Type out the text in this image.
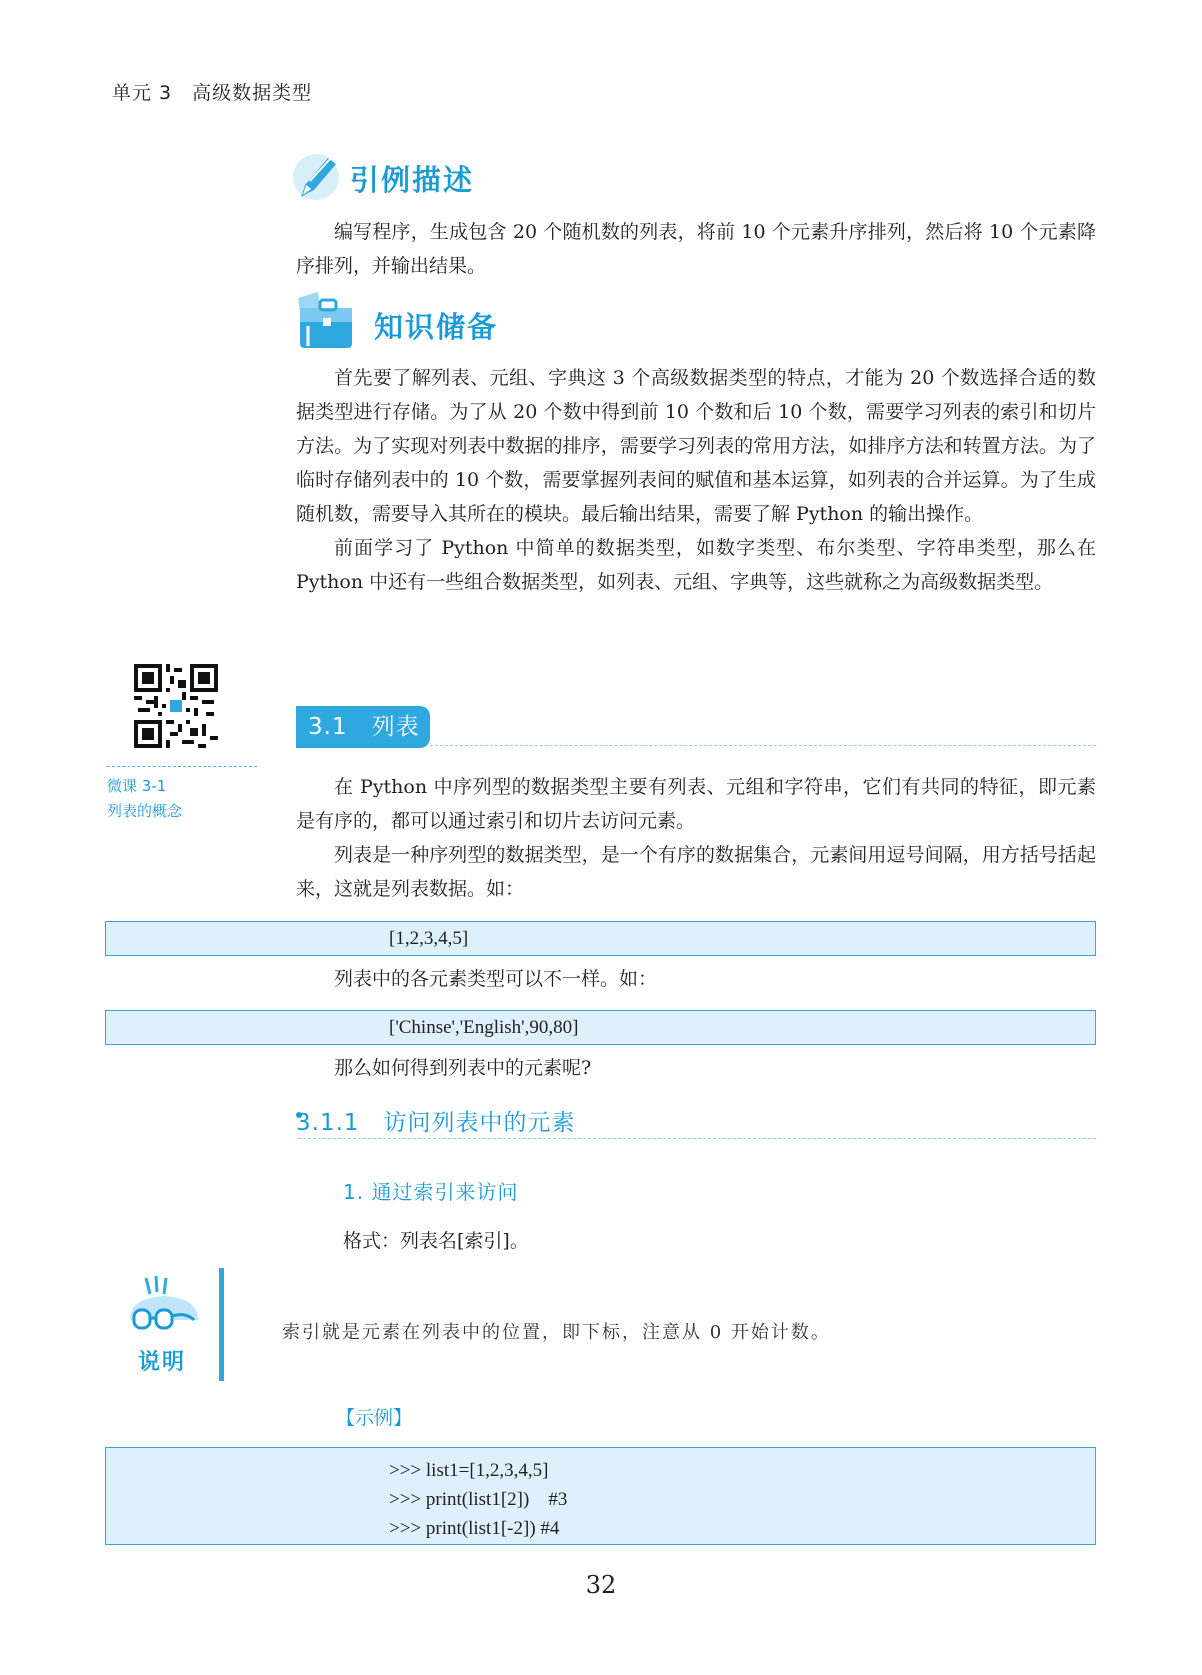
单元 3　高级数据类型
引例描述

编写程序，生成包含 20 个随机数的列表，将前 10 个元素升序排列，然后将 10 个元素降序排列，并输出结果。

知识储备

首先要了解列表、元组、字典这 3 个高级数据类型的特点，才能为 20 个数选择合适的数据类型进行存储。为了从 20 个数中得到前 10 个数和后 10 个数，需要学习列表的索引和切片方法。为了实现对列表中数据的排序，需要学习列表的常用方法，如排序方法和转置方法。为了临时存储列表中的 10 个数，需要掌握列表间的赋值和基本运算，如列表的合并运算。为了生成随机数，需要导入其所在的模块。最后输出结果，需要了解 Python 的输出操作。

前面学习了 Python 中简单的数据类型，如数字类型、布尔类型、字符串类型，那么在 Python 中还有一些组合数据类型，如列表、元组、字典等，这些就称之为高级数据类型。

微课 3-1
列表的概念
3.1　列表

在 Python 中序列型的数据类型主要有列表、元组和字符串，它们有共同的特征，即元素是有序的，都可以通过索引和切片去访问元素。

列表是一种序列型的数据类型，是一个有序的数据集合，元素间用逗号间隔，用方括号括起来，这就是列表数据。如：

[1,2,3,4,5]

列表中的各元素类型可以不一样。如：

['Chinse','English',90,80]

那么如何得到列表中的元素呢?

3.1.1　访问列表中的元素
1. 通过索引来访问
格式：列表名[索引]。
说明
索引就是元素在列表中的位置，即下标，注意从 0 开始计数。
【示例】
>>> list1=[1,2,3,4,5]
>>> print(list1[2])　#3
>>> print(list1[-2]) #4
32
